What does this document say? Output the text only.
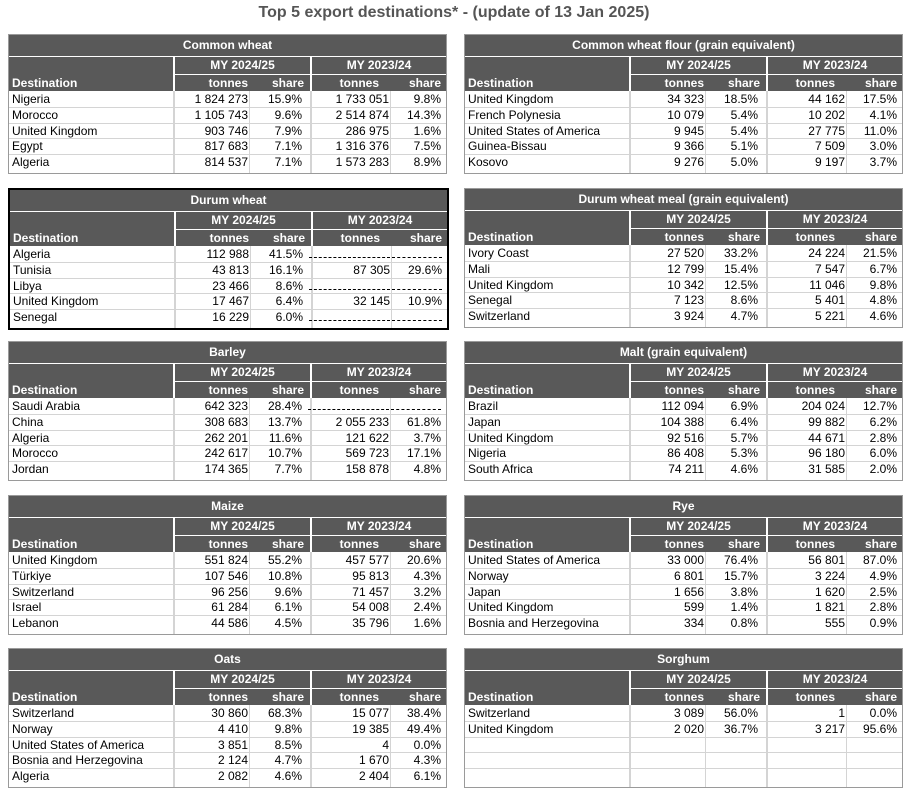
Top 5 export destinations* - (update of 13 Jan 2025)
Common wheat
MY 2024/25	MY 2023/24
Destination	tonnes	share	tonnes	share
Nigeria	1 824 273	15.9%	1 733 051	9.8%
Morocco	1 105 743	9.6%	2 514 874	14.3%
United Kingdom	903 746	7.9%	286 975	1.6%
Egypt	817 683	7.1%	1 316 376	7.5%
Algeria	814 537	7.1%	1 573 283	8.9%
Common wheat flour (grain equivalent)
MY 2024/25	MY 2023/24
Destination	tonnes	share	tonnes	share
United Kingdom	34 323	18.5%	44 162	17.5%
French Polynesia	10 079	5.4%	10 202	4.1%
United States of America	9 945	5.4%	27 775	11.0%
Guinea-Bissau	9 366	5.1%	7 509	3.0%
Kosovo	9 276	5.0%	9 197	3.7%
Durum wheat
MY 2024/25	MY 2023/24
Destination	tonnes	share	tonnes	share
Algeria	112 988	41.5%
Tunisia	43 813	16.1%	87 305	29.6%
Libya	23 466	8.6%
United Kingdom	17 467	6.4%	32 145	10.9%
Senegal	16 229	6.0%
Durum wheat meal (grain equivalent)
MY 2024/25	MY 2023/24
Destination	tonnes	share	tonnes	share
Ivory Coast	27 520	33.2%	24 224	21.5%
Mali	12 799	15.4%	7 547	6.7%
United Kingdom	10 342	12.5%	11 046	9.8%
Senegal	7 123	8.6%	5 401	4.8%
Switzerland	3 924	4.7%	5 221	4.6%
Barley
MY 2024/25	MY 2023/24
Destination	tonnes	share	tonnes	share
Saudi Arabia	642 323	28.4%
China	308 683	13.7%	2 055 233	61.8%
Algeria	262 201	11.6%	121 622	3.7%
Morocco	242 617	10.7%	569 723	17.1%
Jordan	174 365	7.7%	158 878	4.8%
Malt (grain equivalent)
MY 2024/25	MY 2023/24
Destination	tonnes	share	tonnes	share
Brazil	112 094	6.9%	204 024	12.7%
Japan	104 388	6.4%	99 882	6.2%
United Kingdom	92 516	5.7%	44 671	2.8%
Nigeria	86 408	5.3%	96 180	6.0%
South Africa	74 211	4.6%	31 585	2.0%
Maize
MY 2024/25	MY 2023/24
Destination	tonnes	share	tonnes	share
United Kingdom	551 824	55.2%	457 577	20.6%
Türkiye	107 546	10.8%	95 813	4.3%
Switzerland	96 256	9.6%	71 457	3.2%
Israel	61 284	6.1%	54 008	2.4%
Lebanon	44 586	4.5%	35 796	1.6%
Rye
MY 2024/25	MY 2023/24
Destination	tonnes	share	tonnes	share
United States of America	33 000	76.4%	56 801	87.0%
Norway	6 801	15.7%	3 224	4.9%
Japan	1 656	3.8%	1 620	2.5%
United Kingdom	599	1.4%	1 821	2.8%
Bosnia and Herzegovina	334	0.8%	555	0.9%
Oats
MY 2024/25	MY 2023/24
Destination	tonnes	share	tonnes	share
Switzerland	30 860	68.3%	15 077	38.4%
Norway	4 410	9.8%	19 385	49.4%
United States of America	3 851	8.5%	4	0.0%
Bosnia and Herzegovina	2 124	4.7%	1 670	4.3%
Algeria	2 082	4.6%	2 404	6.1%
Sorghum
MY 2024/25	MY 2023/24
Destination	tonnes	share	tonnes	share
Switzerland	3 089	56.0%	1	0.0%
United Kingdom	2 020	36.7%	3 217	95.6%
